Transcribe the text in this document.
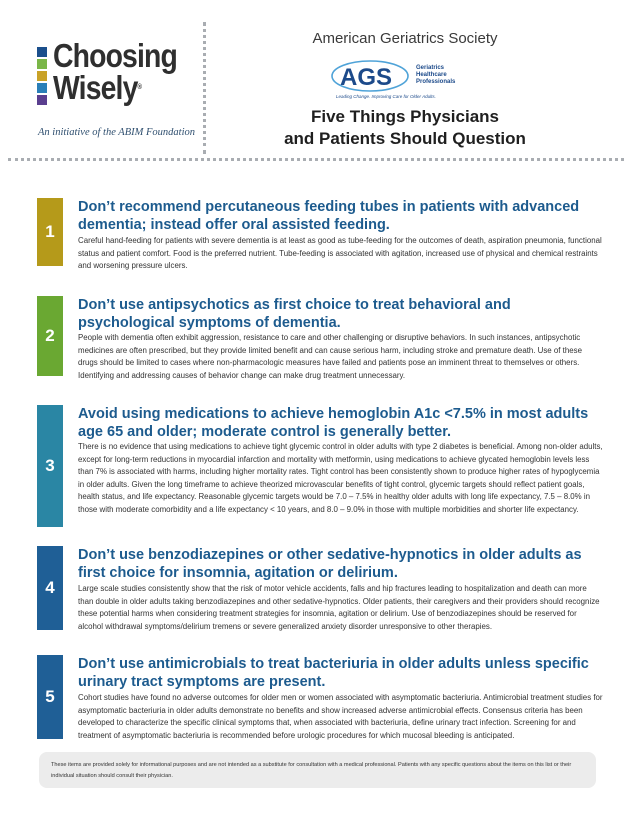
Choosing
Wisely®
An initiative of the ABIM Foundation
American Geriatrics Society
AGS	Geriatrics
Healthcare
Professionals
Leading Change. Improving Care for Older Adults.
Five Things Physicians
and Patients Should Question
1
Don’t recommend percutaneous feeding tubes in patients with advanced dementia; instead offer oral assisted feeding.
Careful hand-feeding for patients with severe dementia is at least as good as tube-feeding for the outcomes of death, aspiration pneumonia, functional status and patient comfort. Food is the preferred nutrient. Tube-feeding is associated with agitation, increased use of physical and chemical restraints and worsening pressure ulcers.
2
Don’t use antipsychotics as first choice to treat behavioral and psychological symptoms of dementia.
People with dementia often exhibit aggression, resistance to care and other challenging or disruptive behaviors. In such instances, antipsychotic medicines are often prescribed, but they provide limited benefit and can cause serious harm, including stroke and premature death. Use of these drugs should be limited to cases where non-pharmacologic measures have failed and patients pose an imminent threat to themselves or others. Identifying and addressing causes of behavior change can make drug treatment unnecessary.
3
Avoid using medications to achieve hemoglobin A1c <7.5% in most adults age 65 and older; moderate control is generally better.
There is no evidence that using medications to achieve tight glycemic control in older adults with type 2 diabetes is beneficial. Among non-older adults, except for long-term reductions in myocardial infarction and mortality with metformin, using medications to achieve glycated hemoglobin levels less than 7% is associated with harms, including higher mortality rates. Tight control has been consistently shown to produce higher rates of hypoglycemia in older adults. Given the long timeframe to achieve theorized microvascular benefits of tight control, glycemic targets should reflect patient goals, health status, and life expectancy. Reasonable glycemic targets would be 7.0 – 7.5% in healthy older adults with long life expectancy, 7.5 – 8.0% in those with moderate comorbidity and a life expectancy < 10 years, and 8.0 – 9.0% in those with multiple morbidities and shorter life expectancy.
4
Don’t use benzodiazepines or other sedative-hypnotics in older adults as first choice for insomnia, agitation or delirium.
Large scale studies consistently show that the risk of motor vehicle accidents, falls and hip fractures leading to hospitalization and death can more than double in older adults taking benzodiazepines and other sedative-hypnotics. Older patients, their caregivers and their providers should recognize these potential harms when considering treatment strategies for insomnia, agitation or delirium. Use of benzodiazepines should be reserved for alcohol withdrawal symptoms/delirium tremens or severe generalized anxiety disorder unresponsive to other therapies.
5
Don’t use antimicrobials to treat bacteriuria in older adults unless specific urinary tract symptoms are present.
Cohort studies have found no adverse outcomes for older men or women associated with asymptomatic bacteriuria. Antimicrobial treatment studies for asymptomatic bacteriuria in older adults demonstrate no benefits and show increased adverse antimicrobial effects. Consensus criteria has been developed to characterize the specific clinical symptoms that, when associated with bacteriuria, define urinary tract infection. Screening for and treatment of asymptomatic bacteriuria is recommended before urologic procedures for which mucosal bleeding is anticipated.
These items are provided solely for informational purposes and are not intended as a substitute for consultation with a medical professional. Patients with any specific questions about the items on this list or their individual situation should consult their physician.
